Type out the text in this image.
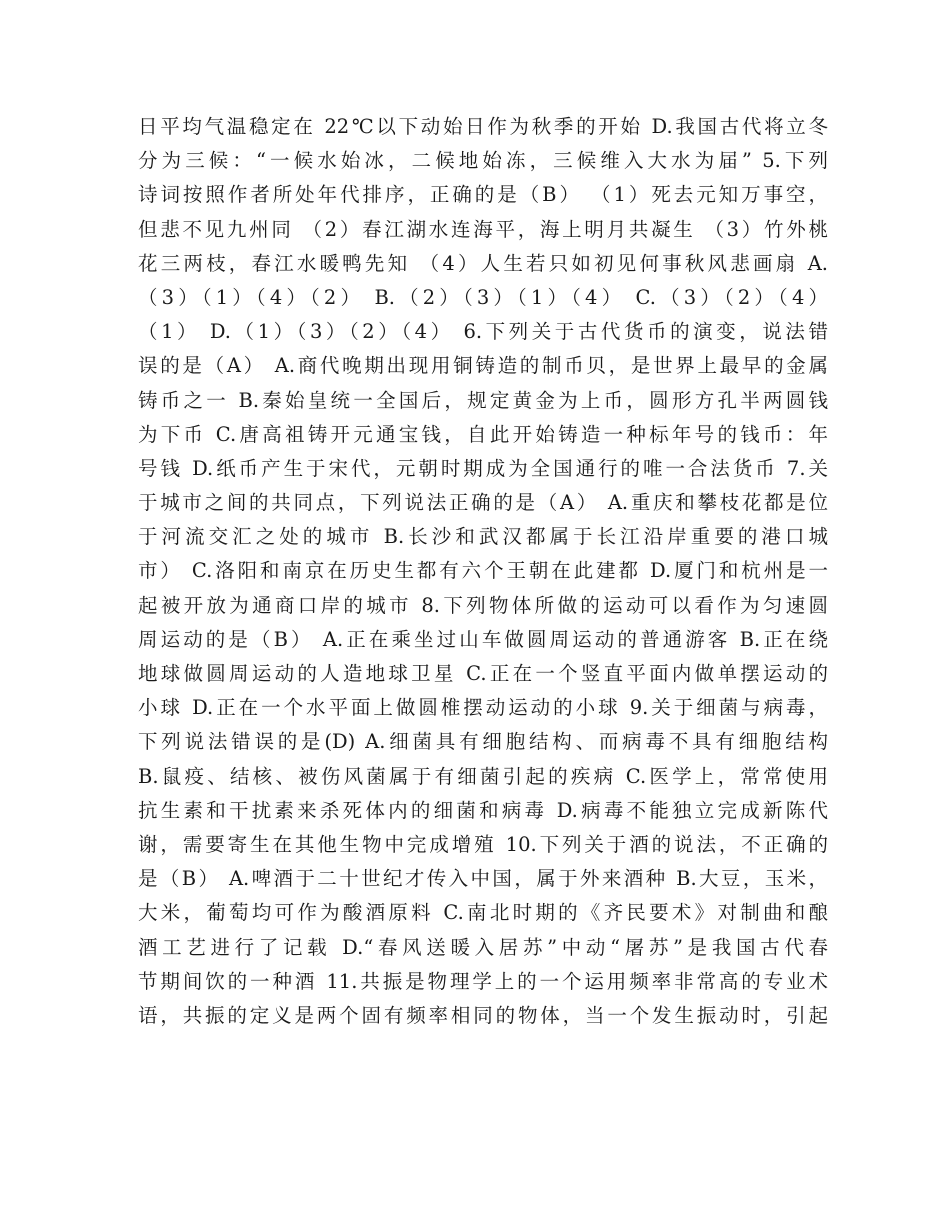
日平均气温稳定在 22℃以下动始日作为秋季的开始 D.我国古代将立冬
分为三候：“一候水始冰，二候地始冻，三候维入大水为届” 5.下列
诗词按照作者所处年代排序，正确的是（B） （1）死去元知万事空，
但悲不见九州同 （2）春江湖水连海平，海上明月共凝生 （3）竹外桃
花三两枝，春江水暖鸭先知 （4）人生若只如初见何事秋风悲画扇 A.
（3）（1）（4）（2） B.（2）（3）（1）（4） C.（3）（2）（4）
（1） D.（1）（3）（2）（4） 6.下列关于古代货币的演变，说法错
误的是（A） A.商代晚期出现用铜铸造的制币贝，是世界上最早的金属
铸币之一 B.秦始皇统一全国后，规定黄金为上币，圆形方孔半两圆钱
为下币 C.唐高祖铸开元通宝钱，自此开始铸造一种标年号的钱币：年
号钱 D.纸币产生于宋代，元朝时期成为全国通行的唯一合法货币 7.关
于城市之间的共同点，下列说法正确的是（A） A.重庆和攀枝花都是位
于河流交汇之处的城市 B.长沙和武汉都属于长江沿岸重要的港口城
市） C.洛阳和南京在历史生都有六个王朝在此建都 D.厦门和杭州是一
起被开放为通商口岸的城市 8.下列物体所做的运动可以看作为匀速圆
周运动的是（B） A.正在乘坐过山车做圆周运动的普通游客 B.正在绕
地球做圆周运动的人造地球卫星 C.正在一个竖直平面内做单摆运动的
小球 D.正在一个水平面上做圆椎摆动运动的小球 9.关于细菌与病毒，
下列说法错误的是(D) A.细菌具有细胞结构、而病毒不具有细胞结构
B.鼠疫、结核、被伤风菌属于有细菌引起的疾病 C.医学上，常常使用
抗生素和干扰素来杀死体内的细菌和病毒 D.病毒不能独立完成新陈代
谢，需要寄生在其他生物中完成增殖 10.下列关于酒的说法，不正确的
是（B） A.啤酒于二十世纪才传入中国，属于外来酒种 B.大豆，玉米，
大米，葡萄均可作为酸酒原料 C.南北时期的《齐民要术》对制曲和酿
酒工艺进行了记载 D.“春风送暖入居苏”中动“屠苏”是我国古代春
节期间饮的一种酒 11.共振是物理学上的一个运用频率非常高的专业术
语，共振的定义是两个固有频率相同的物体，当一个发生振动时，引起
